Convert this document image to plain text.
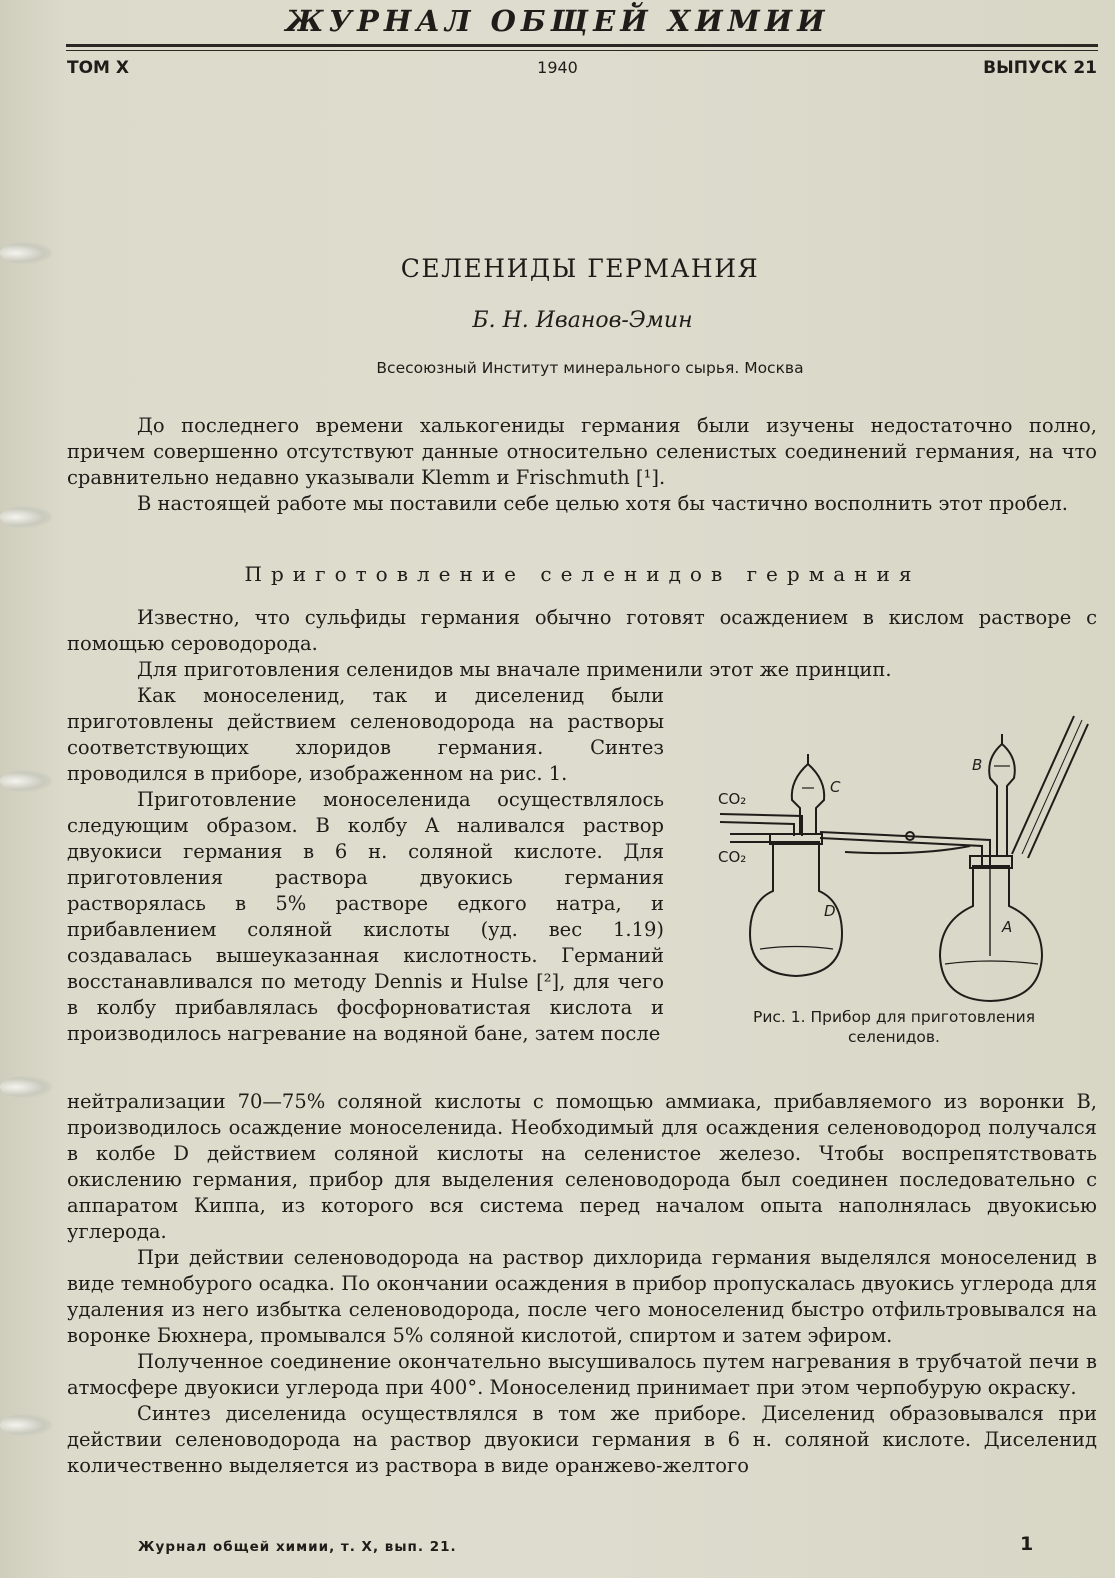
ЖУРНАЛ ОБЩЕЙ ХИМИИ
ТОМ X	1940	ВЫПУСК 21
СЕЛЕНИДЫ ГЕРМАНИЯ
Б. Н. Иванов-Эмин
Всесоюзный Институт минерального сырья. Москва

До последнего времени халькогениды германия были изучены недостаточно полно, причем совершенно отсутствуют данные относительно селенистых соединений германия, на что сравнительно недавно указывали Klemm и Frischmuth [¹].

В настоящей работе мы поставили себе целью хотя бы частично восполнить этот пробел.

Приготовление селенидов германия

Известно, что сульфиды германия обычно готовят осаждением в кислом растворе с помощью сероводорода.

Для приготовления селенидов мы вначале применили этот же принцип.

Как моноселенид, так и диселенид были приготовлены действием селеноводорода на растворы соответствующих хлоридов германия. Синтез проводился в приборе, изображенном на рис. 1.

Приготовление моноселенида осуществлялось следующим образом. В колбу A наливался раствор двуокиси германия в 6 н. соляной кислоте. Для приготовления раствора двуокись германия растворялась в 5% растворе едкого натра, и прибавлением соляной кислоты (уд. вес 1.19) создавалась вышеуказанная кислотность. Германий восстанавливался по методу Dennis и Hulse [²], для чего в колбу прибавлялась фосфорноватистая кислота и производилось нагревание на водяной бане, затем после

CO₂
CO₂
C
B
D
A
Рис. 1. Прибор для приготовления
селенидов.

нейтрализации 70—75% соляной кислоты с помощью аммиака, прибавляемого из воронки B, производилось осаждение моноселенида. Необходимый для осаждения селеноводород получался в колбе D действием соляной кислоты на селенистое железо. Чтобы воспрепятствовать окислению германия, прибор для выделения селеноводорода был соединен последовательно с аппаратом Киппа, из которого вся система перед началом опыта наполнялась двуокисью углерода.

При действии селеноводорода на раствор дихлорида германия выделялся моноселенид в виде темнобурого осадка. По окончании осаждения в прибор пропускалась двуокись углерода для удаления из него избытка селеноводорода, после чего моноселенид быстро отфильтровывался на воронке Бюхнера, промывался 5% соляной кислотой, спиртом и затем эфиром.

Полученное соединение окончательно высушивалось путем нагревания в трубчатой печи в атмосфере двуокиси углерода при 400°. Моноселенид принимает при этом черпобурую окраску.

Синтез диселенида осуществлялся в том же приборе. Диселенид образовывался при действии селеноводорода на раствор двуокиси германия в 6 н. соляной кислоте. Диселенид количественно выделяется из раствора в виде оранжево-желтого

Журнал общей химии, т. X, вып. 21.	1
